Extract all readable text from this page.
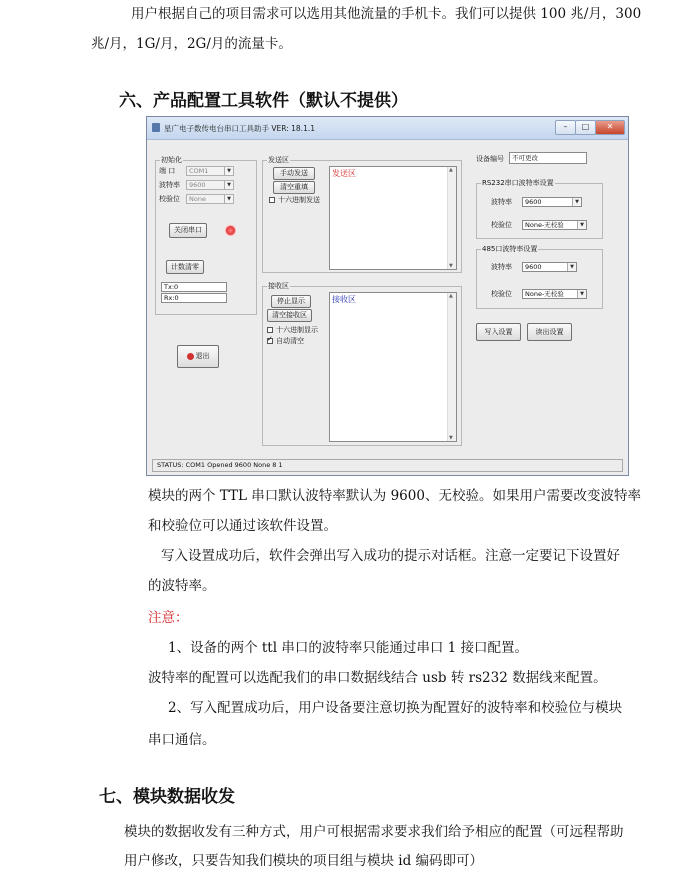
用户根据自己的项目需求可以选用其他流量的手机卡。我们可以提供 100 兆/月，300
兆/月，1G/月，2G/月的流量卡。
六、产品配置工具软件（默认不提供）
星广电子数传电台串口工具助手 VER: 18.1.1	–	□	✕
初始化
端 口	COM1	▼
波特率	9600	▼
校验位	None	▼
关闭串口
计数清零
Tx:0
Rx:0
退出
发送区
手动发送
清空重填
十六进制发送
发送区	▲
▼
接收区
停止显示
清空接收区
十六进制显示
✓
自动清空
接收区	▲
▼
设备编号	不可更改
RS232串口波特率设置
波特率	9600	▼
校验位	None-无校验	▼
485口波特率设置
波特率	9600	▼
校验位	None-无校验	▼
写入设置	读出设置
STATUS: COM1 Opened 9600 None 8 1
模块的两个 TTL 串口默认波特率默认为 9600、无校验。如果用户需要改变波特率
和校验位可以通过该软件设置。
写入设置成功后，软件会弹出写入成功的提示对话框。注意一定要记下设置好
的波特率。
注意：
1、设备的两个 ttl 串口的波特率只能通过串口 1 接口配置。
波特率的配置可以选配我们的串口数据线结合 usb 转 rs232 数据线来配置。
2、写入配置成功后，用户设备要注意切换为配置好的波特率和校验位与模块
串口通信。
七、模块数据收发
模块的数据收发有三种方式，用户可根据需求要求我们给予相应的配置（可远程帮助
用户修改，只要告知我们模块的项目组与模块 id 编码即可）
